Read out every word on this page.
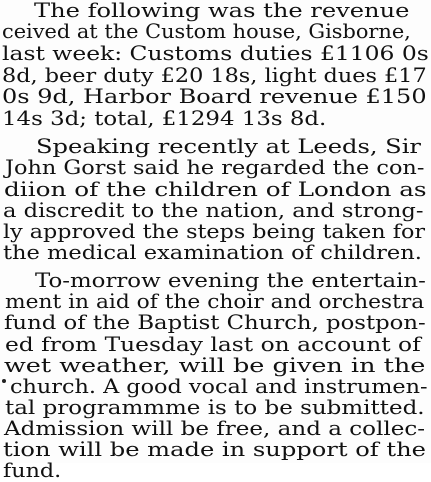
The following was the revenue
ceived at the Custom house, Gisborne,
last week: Customs duties £1106 0s
8d, beer duty £20 18s, light dues £17
0s 9d, Harbor Board revenue £150
14s 3d; total, £1294 13s 8d.
Speaking recently at Leeds, Sir
John Gorst said he regarded the con-
diion of the children of London as
a discredit to the nation, and strong-
ly approved the steps being taken for
the medical examination of children.
To-morrow evening the entertain-
ment in aid of the choir and orchestra
fund of the Baptist Church, postpon-
ed from Tuesday last on account of
wet weather, will be given in the
church. A good vocal and instrumen-
tal programmme is to be submitted.
Admission will be free, and a collec-
tion will be made in support of the
fund.
